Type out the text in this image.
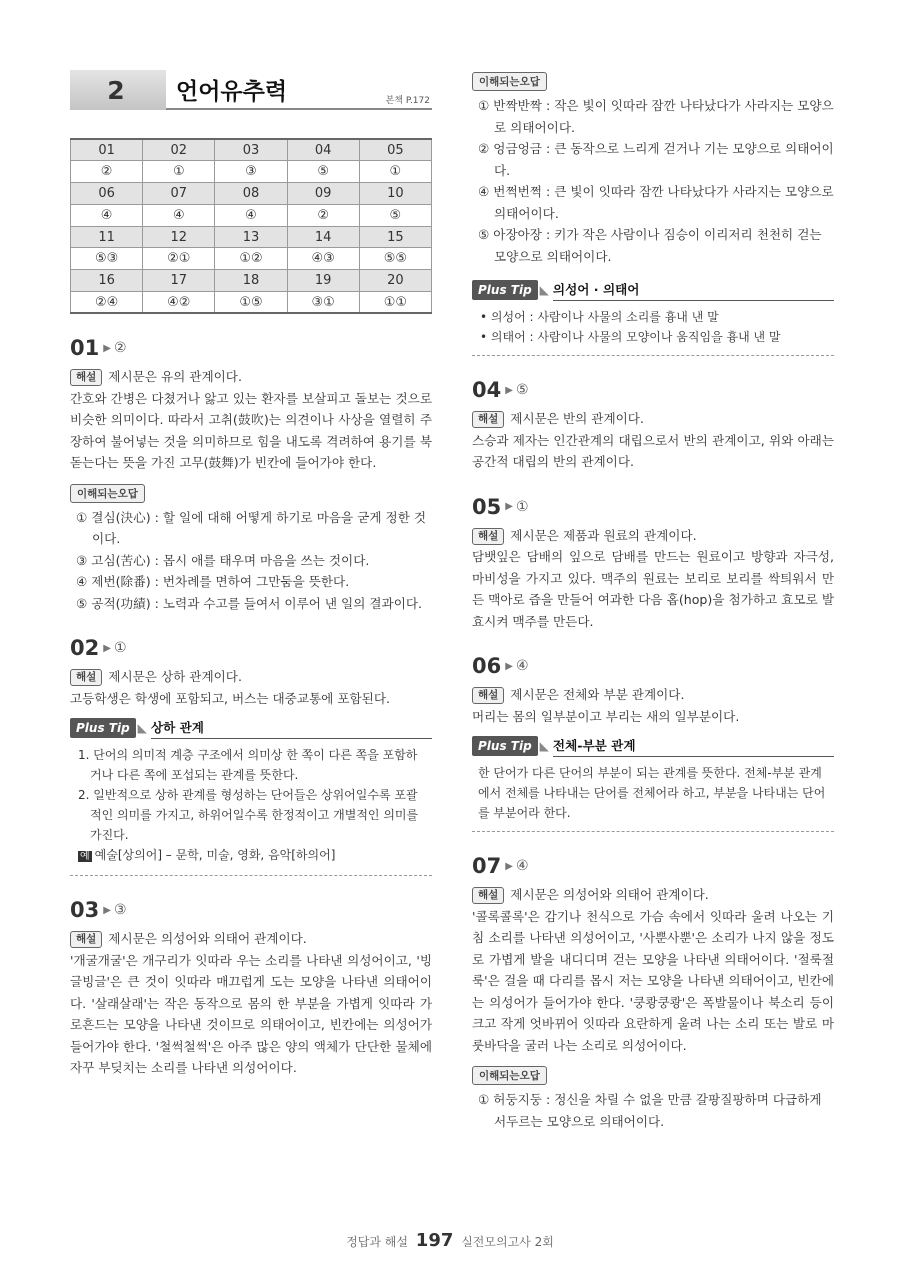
2	언어유추력	본책 P.172
01	02	03	04	05
②	①	③	⑤	①
06	07	08	09	10
④	④	④	②	⑤
11	12	13	14	15
⑤③	②①	①②	④③	⑤⑤
16	17	18	19	20
②④	④②	①⑤	③①	①①
01 ▶ ②
해설 제시문은 유의 관계이다.
간호와 간병은 다쳤거나 앓고 있는 환자를 보살피고 돌보는 것으로 비슷한 의미이다. 따라서 고취(鼓吹)는 의견이나 사상을 열렬히 주장하여 불어넣는 것을 의미하므로 힘을 내도록 격려하여 용기를 북돋는다는 뜻을 가진 고무(鼓舞)가 빈칸에 들어가야 한다.
이해되는오답
① 결심(決心) : 할 일에 대해 어떻게 하기로 마음을 굳게 정한 것이다.
③ 고심(苦心) : 몹시 애를 태우며 마음을 쓰는 것이다.
④ 제번(除番) : 번차례를 면하여 그만둠을 뜻한다.
⑤ 공적(功績) : 노력과 수고를 들여서 이루어 낸 일의 결과이다.
02 ▶ ①
해설 제시문은 상하 관계이다.
고등학생은 학생에 포함되고, 버스는 대중교통에 포함된다.
Plus Tip ◣ 상하 관계
1. 단어의 의미적 계층 구조에서 의미상 한 쪽이 다른 쪽을 포함하거나 다른 쪽에 포섭되는 관계를 뜻한다.
2. 일반적으로 상하 관계를 형성하는 단어들은 상위어일수록 포괄적인 의미를 가지고, 하위어일수록 한정적이고 개별적인 의미를 가진다.
예 예술[상의어] – 문학, 미술, 영화, 음악[하의어]
03 ▶ ③
해설 제시문은 의성어와 의태어 관계이다.
'개굴개굴'은 개구리가 잇따라 우는 소리를 나타낸 의성어이고, '빙글빙글'은 큰 것이 잇따라 매끄럽게 도는 모양을 나타낸 의태어이다. '살래살래'는 작은 동작으로 몸의 한 부분을 가볍게 잇따라 가로흔드는 모양을 나타낸 것이므로 의태어이고, 빈칸에는 의성어가 들어가야 한다. '철썩철썩'은 아주 많은 양의 액체가 단단한 물체에 자꾸 부딪치는 소리를 나타낸 의성어이다.
이해되는오답
① 반짝반짝 : 작은 빛이 잇따라 잠깐 나타났다가 사라지는 모양으로 의태어이다.
② 엉금엉금 : 큰 동작으로 느리게 걷거나 기는 모양으로 의태어이다.
④ 번쩍번쩍 : 큰 빛이 잇따라 잠깐 나타났다가 사라지는 모양으로 의태어이다.
⑤ 아장아장 : 키가 작은 사람이나 짐승이 이리저리 천천히 걷는 모양으로 의태어이다.
Plus Tip ◣ 의성어 · 의태어
• 의성어 : 사람이나 사물의 소리를 흉내 낸 말
• 의태어 : 사람이나 사물의 모양이나 움직임을 흉내 낸 말
04 ▶ ⑤
해설 제시문은 반의 관계이다.
스승과 제자는 인간관계의 대립으로서 반의 관계이고, 위와 아래는 공간적 대립의 반의 관계이다.
05 ▶ ①
해설 제시문은 제품과 원료의 관계이다.
담뱃잎은 담배의 잎으로 담배를 만드는 원료이고 방향과 자극성, 마비성을 가지고 있다. 맥주의 원료는 보리로 보리를 싹틔워서 만든 맥아로 즙을 만들어 여과한 다음 홉(hop)을 첨가하고 효모로 발효시켜 맥주를 만든다.
06 ▶ ④
해설 제시문은 전체와 부분 관계이다.
머리는 몸의 일부분이고 부리는 새의 일부분이다.
Plus Tip ◣ 전체-부분 관계
한 단어가 다른 단어의 부분이 되는 관계를 뜻한다. 전체-부분 관계에서 전체를 나타내는 단어를 전체어라 하고, 부분을 나타내는 단어를 부분어라 한다.
07 ▶ ④
해설 제시문은 의성어와 의태어 관계이다.
'콜록콜록'은 감기나 천식으로 가슴 속에서 잇따라 울려 나오는 기침 소리를 나타낸 의성어이고, '사뿐사뿐'은 소리가 나지 않을 정도로 가볍게 발을 내디디며 걷는 모양을 나타낸 의태어이다. '절룩절룩'은 걸을 때 다리를 몹시 저는 모양을 나타낸 의태어이고, 빈칸에는 의성어가 들어가야 한다. '쿵쾅쿵쾅'은 폭발물이나 북소리 등이 크고 작게 엇바뀌어 잇따라 요란하게 울려 나는 소리 또는 발로 마룻바닥을 굴러 나는 소리로 의성어이다.
이해되는오답
① 허둥지둥 : 정신을 차릴 수 없을 만큼 갈팡질팡하며 다급하게 서두르는 모양으로 의태어이다.
정답과 해설 197 실전모의고사 2회
